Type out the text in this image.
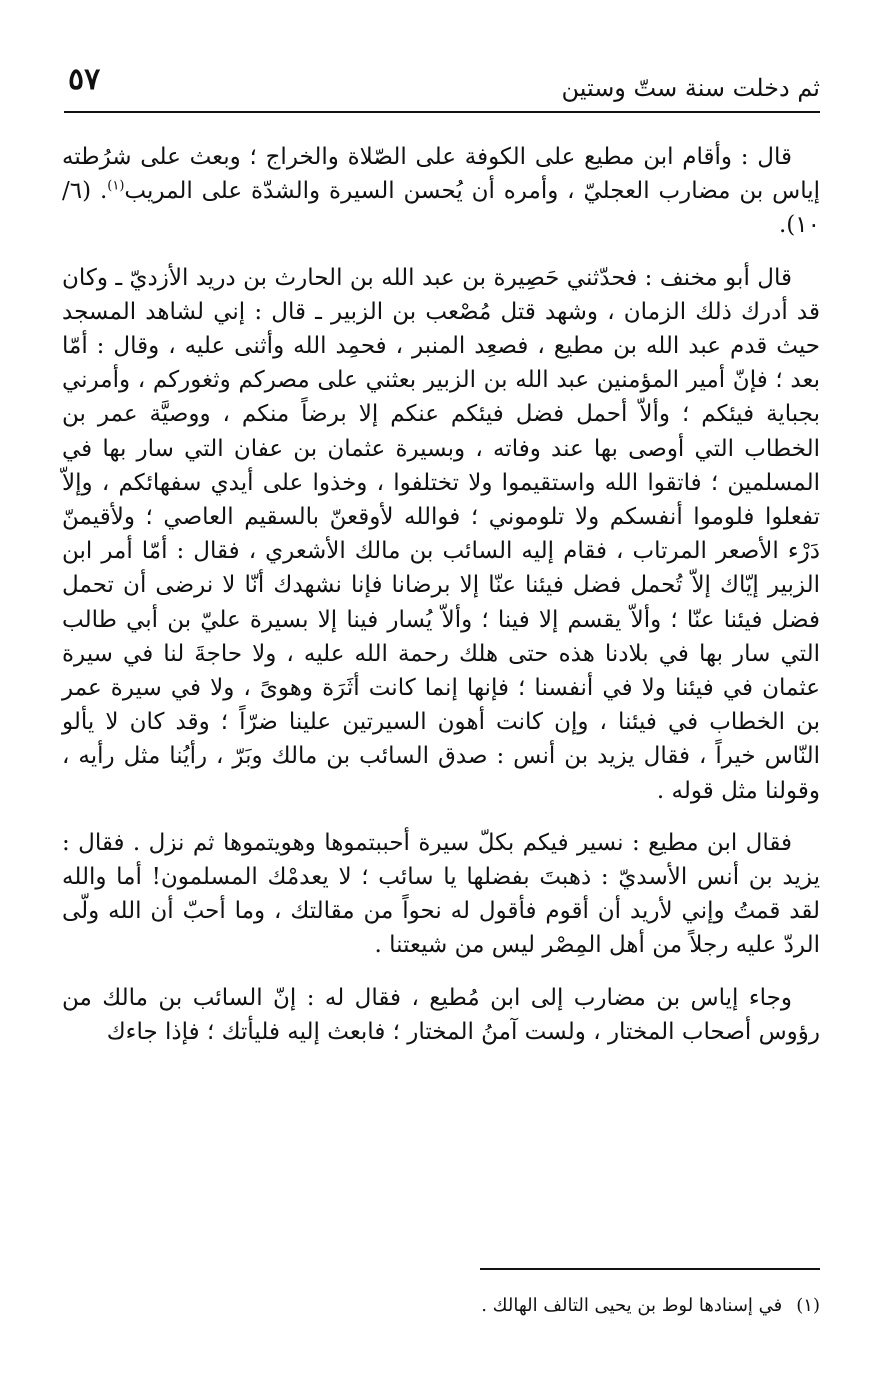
٥٧	ثم دخلت سنة ستّ وستين

قال : وأقام ابن مطيع على الكوفة على الصّلاة والخراج ؛ وبعث على شرُطته إياس بن مضارب العجليّ ، وأمره أن يُحسن السيرة والشدّة على المريب$^{(١)}$. (٦/ ١٠).

قال أبو مخنف : فحدّثني حَصِيرة بن عبد الله بن الحارث بن دريد الأزديّ ـ وكان قد أدرك ذلك الزمان ، وشهد قتل مُصْعب بن الزبير ـ قال : إني لشاهد المسجد حيث قدم عبد الله بن مطيع ، فصعِد المنبر ، فحمِد الله وأثنى عليه ، وقال : أمّا بعد ؛ فإنّ أمير المؤمنين عبد الله بن الزبير بعثني على مصركم وثغوركم ، وأمرني بجباية فيئكم ؛ وألاّ أحمل فضل فيئكم عنكم إلا برضاً منكم ، ووصيَّة عمر بن الخطاب التي أوصى بها عند وفاته ، وبسيرة عثمان بن عفان التي سار بها في المسلمين ؛ فاتقوا الله واستقيموا ولا تختلفوا ، وخذوا على أيدي سفهائكم ، وإلاّ تفعلوا فلوموا أنفسكم ولا تلوموني ؛ فوالله لأوقعنّ بالسقيم العاصي ؛ ولأقيمنّ دَرْء الأصعر المرتاب ، فقام إليه السائب بن مالك الأشعري ، فقال : أمّا أمر ابن الزبير إيّاك إلاّ تُحمل فضل فيئنا عنّا إلا برضانا فإنا نشهدك أنّا لا نرضى أن تحمل فضل فيئنا عنّا ؛ وألاّ يقسم إلا فينا ؛ وألاّ يُسار فينا إلا بسيرة عليّ بن أبي طالب التي سار بها في بلادنا هذه حتى هلك رحمة الله عليه ، ولا حاجةَ لنا في سيرة عثمان في فيئنا ولا في أنفسنا ؛ فإنها إنما كانت أثَرَة وهوىً ، ولا في سيرة عمر بن الخطاب في فيئنا ، وإن كانت أهون السيرتين علينا ضرّاً ؛ وقد كان لا يألو النّاس خيراً ، فقال يزيد بن أنس : صدق السائب بن مالك وبَرّ ، رأيُنا مثل رأيه ، وقولنا مثل قوله .

فقال ابن مطيع : نسير فيكم بكلّ سيرة أحببتموها وهويتموها ثم نزل . فقال : يزيد بن أنس الأسديّ : ذهبتَ بفضلها يا سائب ؛ لا يعدمْك المسلمون! أما والله لقد قمتُ وإني لأريد أن أقوم فأقول له نحواً من مقالتك ، وما أحبّ أن الله ولّى الردّ عليه رجلاً من أهل المِصْر ليس من شيعتنا .

وجاء إياس بن مضارب إلى ابن مُطيع ، فقال له : إنّ السائب بن مالك من رؤوس أصحاب المختار ، ولست آمنُ المختار ؛ فابعث إليه فليأتك ؛ فإذا جاءك

(١)في إسنادها لوط بن يحيى التالف الهالك .
